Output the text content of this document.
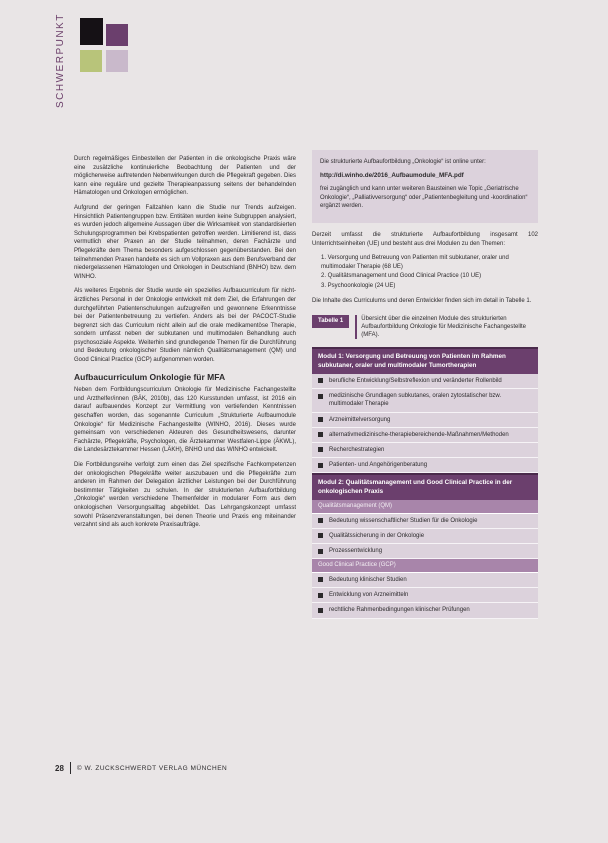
SCHWERPUNKT

Durch regelmäßiges Einbestellen der Patienten in die onkologische Praxis wäre eine zusätzliche kontinuierliche Beobachtung der Patienten und der möglicherweise auftretenden Nebenwirkungen durch die Pflegekraft gegeben. Dies kann eine reguläre und gezielte Therapieanpassung seitens der behandelnden Hämatologen und Onkologen ermöglichen.

Aufgrund der geringen Fallzahlen kann die Studie nur Trends aufzeigen. Hinsichtlich Patientengruppen bzw. Entitäten wurden keine Subgruppen analysiert, es wurden jedoch allgemeine Aussagen über die Wirksamkeit von standardisierten Schulungsprogrammen bei Krebspatienten getroffen werden. Limitierend ist, dass vermutlich eher Praxen an der Studie teilnahmen, deren Fachärzte und Pflegekräfte dem Thema besonders aufgeschlossen gegenüberstanden. Bei den teilnehmenden Praxen handelte es sich um Vollpraxen aus dem Berufsverband der niedergelassenen Hämatologen und Onkologen in Deutschland (BNHO) bzw. dem WINHO.

Als weiteres Ergebnis der Studie wurde ein spezielles Aufbaucurriculum für nicht-ärztliches Personal in der Onkologie entwickelt mit dem Ziel, die Erfahrungen der durchgeführten Patientenschulungen aufzugreifen und gewonnene Erkenntnisse bei der Patientenbetreuung zu vertiefen. Anders als bei der PACOCT-Studie begrenzt sich das Curriculum nicht allein auf die orale medikamentöse Therapie, sondern umfasst neben der subkutanen und multimodalen Behandlung auch psychosoziale Aspekte. Weiterhin sind grundlegende Themen für die Durchführung und Bedeutung onkologischer Studien nämlich Qualitätsmanagement (QM) und Good Clinical Practice (GCP) aufgenommen worden.

Aufbaucurriculum Onkologie für MFA

Neben dem Fortbildungscurriculum Onkologie für Medizinische Fachangestellte und Arzthelfer/innen (BÄK, 2010b), das 120 Kursstunden umfasst, ist 2016 ein darauf aufbauendes Konzept zur Vermittlung von vertiefenden Kenntnissen geschaffen worden, das sogenannte Curriculum „Strukturierte Aufbaumodule Onkologie“ für Medizinische Fachangestellte (WINHO, 2016). Dieses wurde gemeinsam von verschiedenen Akteuren des Gesundheitswesens, darunter Fachärzte, Pflegekräfte, Psychologen, die Ärztekammer Westfalen-Lippe (ÄKWL), die Landesärztekammer Hessen (LÄKH), BNHO und das WINHO entwickelt.

Die Fortbildungsreihe verfolgt zum einen das Ziel spezifische Fachkompetenzen der onkologischen Pflegekräfte weiter auszubauen und die Pflegekräfte zum anderen im Rahmen der Delegation ärztlicher Leistungen bei der Durchführung bestimmter Tätigkeiten zu schulen. In der strukturierten Aufbaufortbildung „Onkologie“ werden verschiedene Themenfelder in modularer Form aus dem onkologischen Versorgungsalltag abgebildet. Das Lehrgangskonzept umfasst sowohl Präsenzveranstaltungen, bei denen Theorie und Praxis eng miteinander verzahnt sind als auch konkrete Praxisaufträge.

Die strukturierte Aufbaufortbildung „Onkologie“ ist online unter:

http://di.winho.de/2016_Aufbaumodule_MFA.pdf

frei zugänglich und kann unter weiteren Bausteinen wie Topic „Geriatrische Onkologie“, „Palliativversorgung“ oder „Patientenbegleitung und -koordination“ ergänzt werden.

Derzeit umfasst die strukturierte Aufbaufortbildung insgesamt 102 Unterrichtseinheiten (UE) und besteht aus drei Modulen zu den Themen:

1. Versorgung und Betreuung von Patienten mit subkutaner, oraler und multimodaler Therapie (68 UE)
2. Qualitätsmanagement und Good Clinical Practice (10 UE)
3. Psychoonkologie (24 UE)

Die Inhalte des Curriculums und deren Entwickler finden sich im detail in Tabelle 1.

Tabelle 1	Übersicht über die einzelnen Module des strukturierten Aufbaufortbildung Onkologie für Medizinische Fachangestellte (MFA).
Modul 1: Versorgung und Betreuung von Patienten im Rahmen subkutaner, oraler und multimodaler Tumortherapien
berufliche Entwicklung/Selbstreflexion und veränderter Rollenbild
medizinische Grundlagen subkutanes, oralen zytostatischer bzw. multimodaler Therapie
Arzneimittelversorgung
alternativmedizinische-therapiebereichende-Maßnahmen/Methoden
Recherchestrategien
Patienten- und Angehörigenberatung
Modul 2: Qualitätsmanagement und Good Clinical Practice in der onkologischen Praxis
Qualitätsmanagement (QM)
Bedeutung wissenschaftlicher Studien für die Onkologie
Qualitätssicherung in der Onkologie
Prozessentwicklung
Good Clinical Practice (GCP)
Bedeutung klinischer Studien
Entwicklung von Arzneimitteln
rechtliche Rahmenbedingungen klinischer Prüfungen
28 © W. ZUCKSCHWERDT VERLAG MÜNCHEN
